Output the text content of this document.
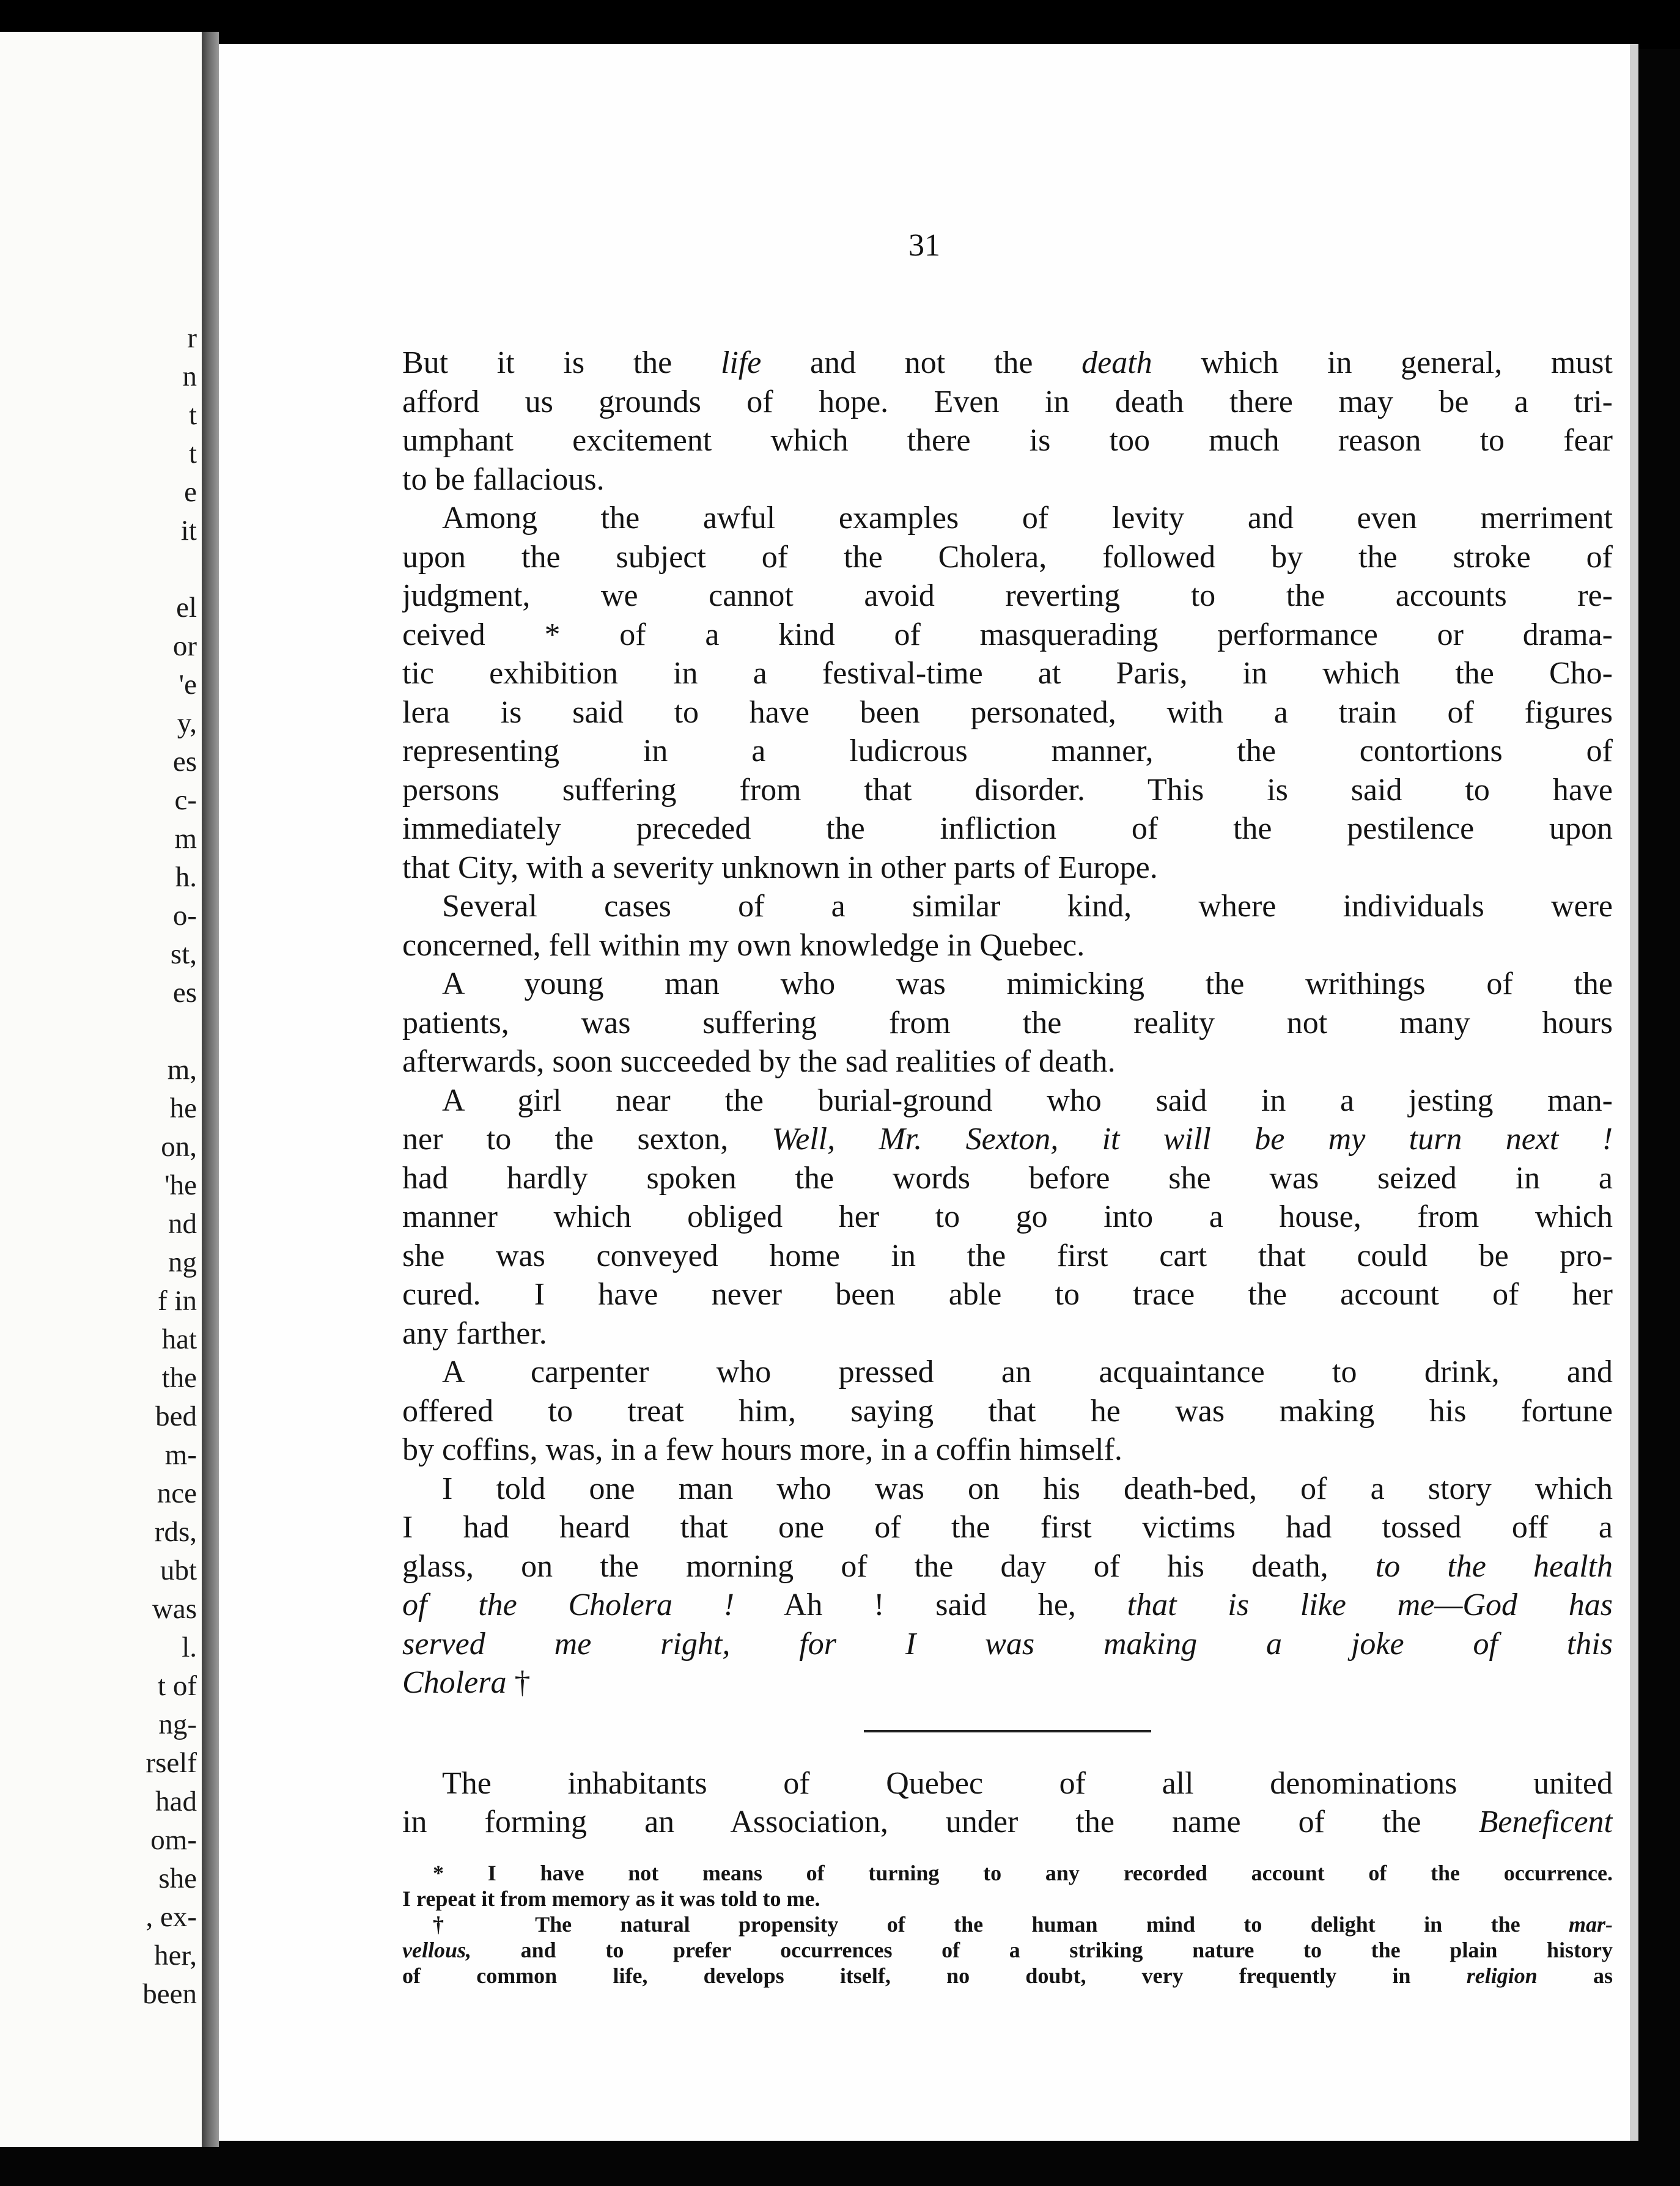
r
n
t
t
e
it

el
or
'e
y,
es
c-
m
h.
o-
st,
es

m,
he
on,
'he
nd
ng
f in
hat
the
bed
m-
nce
rds,
ubt
was
l.
t of
ng-
rself
had
om-
she
, ex-
her,
been
31
But it is the life and not the death which in general, must
afford us grounds of hope. Even in death there may be a tri-
umphant excitement which there is too much reason to fear
to be fallacious.
Among the awful examples of levity and even merriment
upon the subject of the Cholera, followed by the stroke of
judgment, we cannot avoid reverting to the accounts re-
ceived * of a kind of masquerading performance or drama-
tic exhibition in a festival-time at Paris, in which the Cho-
lera is said to have been personated, with a train of figures
representing in a ludicrous manner, the contortions of
persons suffering from that disorder. This is said to have
immediately preceded the infliction of the pestilence upon
that City, with a severity unknown in other parts of Europe.
Several cases of a similar kind, where individuals were
concerned, fell within my own knowledge in Quebec.
A young man who was mimicking the writhings of the
patients, was suffering from the reality not many hours
afterwards, soon succeeded by the sad realities of death.
A girl near the burial-ground who said in a jesting man-
ner to the sexton, Well, Mr. Sexton, it will be my turn next !
had hardly spoken the words before she was seized in a
manner which obliged her to go into a house, from which
she was conveyed home in the first cart that could be pro-
cured. I have never been able to trace the account of her
any farther.
A carpenter who pressed an acquaintance to drink, and
offered to treat him, saying that he was making his fortune
by coffins, was, in a few hours more, in a coffin himself.
I told one man who was on his death-bed, of a story which
I had heard that one of the first victims had tossed off a
glass, on the morning of the day of his death, to the health
of the Cholera ! Ah ! said he, that is like me—God has
served me right, for I was making a joke of this
Cholera †
The inhabitants of Quebec of all denominations united
in forming an Association, under the name of the Beneficent
* I have not means of turning to any recorded account of the occurrence.
I repeat it from memory as it was told to me.
† The natural propensity of the human mind to delight in the mar-
vellous, and to prefer occurrences of a striking nature to the plain history
of common life, develops itself, no doubt, very frequently in religion as
